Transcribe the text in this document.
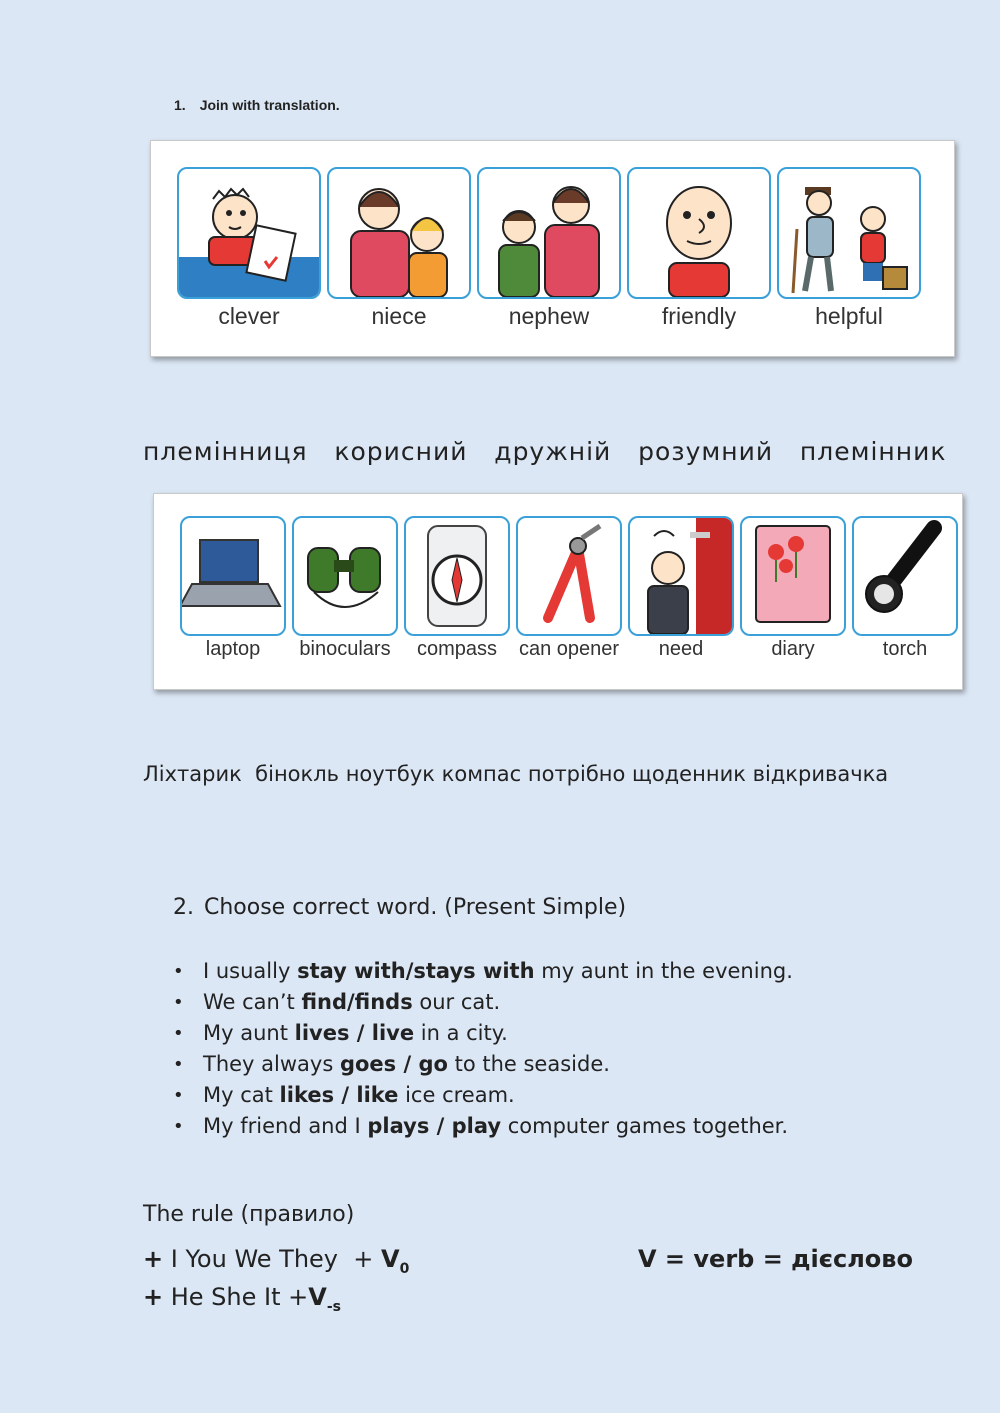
1. Join with translation.
clever	niece	nephew	friendly	helpful
племінниця   корисний   дружній   розумний   племінник
laptop	binoculars	compass	can opener	need	diary	torch
Ліхтарик  бінокль ноутбук компас потрібно щоденник відкривачка
2. Choose correct word. (Present Simple)
• I usually stay with/stays with my aunt in the evening.
• We can’t find/finds our cat.
• My aunt lives / live in a city.
• They always goes / go to the seaside.
• My cat likes / like ice cream.
• My friend and I plays / play computer games together.
The rule (правило)
+ I You We They  + $V_0$
+ He She $It +V_{-s}$
V = verb = дієслово
